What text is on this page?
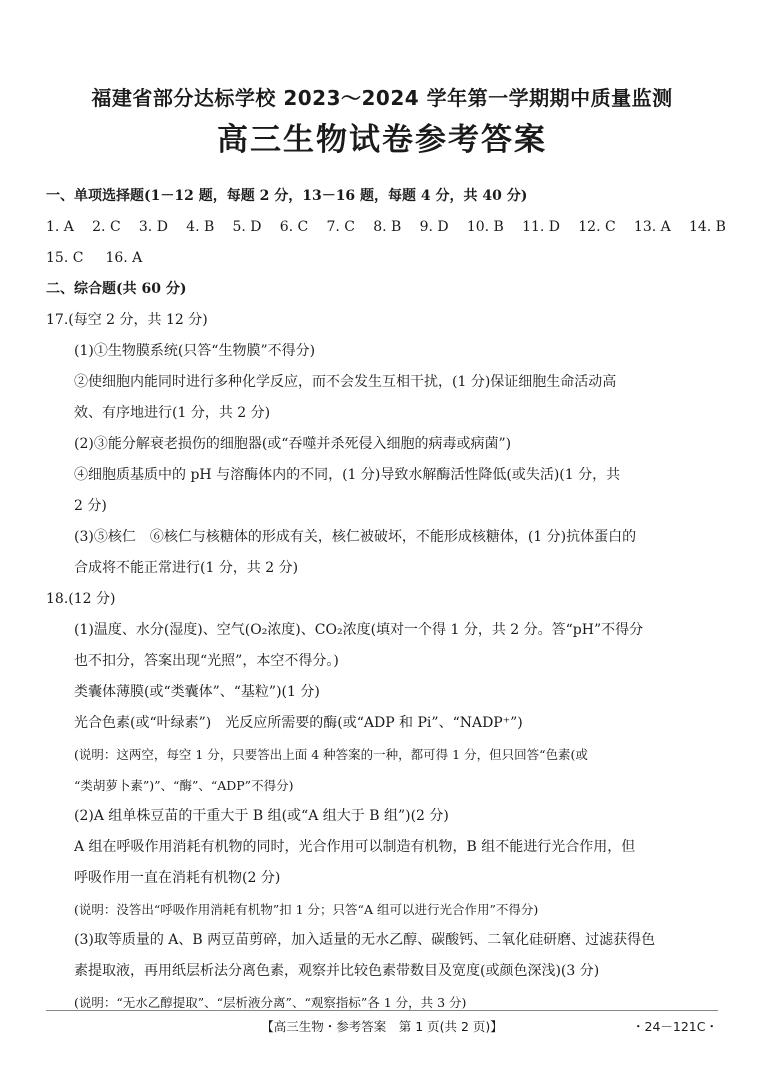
福建省部分达标学校 2023～2024 学年第一学期期中质量监测
高三生物试卷参考答案
一、单项选择题(1－12 题，每题 2 分，13－16 题，每题 4 分，共 40 分)
1. A 2. C 3. D 4. B 5. D 6. C 7. C 8. B 9. D 10. B 11. D 12. C 13. A 14. B
15. C 16. A
二、综合题(共 60 分)
17.(每空 2 分，共 12 分)
(1)①生物膜系统(只答“生物膜”不得分)
②使细胞内能同时进行多种化学反应，而不会发生互相干扰，(1 分)保证细胞生命活动高
效、有序地进行(1 分，共 2 分)
(2)③能分解衰老损伤的细胞器(或“吞噬并杀死侵入细胞的病毒或病菌”)
④细胞质基质中的 pH 与溶酶体内的不同，(1 分)导致水解酶活性降低(或失活)(1 分，共
2 分)
(3)⑤核仁　⑥核仁与核糖体的形成有关，核仁被破坏，不能形成核糖体，(1 分)抗体蛋白的
合成将不能正常进行(1 分，共 2 分)
18.(12 分)
(1)温度、水分(湿度)、空气(O₂浓度)、CO₂浓度(填对一个得 1 分，共 2 分。答“pH”不得分
也不扣分，答案出现“光照”，本空不得分。)
类囊体薄膜(或“类囊体”、“基粒”)(1 分)
光合色素(或“叶绿素”)　光反应所需要的酶(或“ADP 和 Pi”、“NADP⁺”)
(说明：这两空，每空 1 分，只要答出上面 4 种答案的一种，都可得 1 分，但只回答“色素(或
“类胡萝卜素”)”、“酶”、“ADP”不得分)
(2)A 组单株豆苗的干重大于 B 组(或“A 组大于 B 组”)(2 分)
A 组在呼吸作用消耗有机物的同时，光合作用可以制造有机物，B 组不能进行光合作用，但
呼吸作用一直在消耗有机物(2 分)
(说明：没答出“呼吸作用消耗有机物”扣 1 分；只答“A 组可以进行光合作用”不得分)
(3)取等质量的 A、B 两豆苗剪碎，加入适量的无水乙醇、碳酸钙、二氧化硅研磨、过滤获得色
素提取液，再用纸层析法分离色素，观察并比较色素带数目及宽度(或颜色深浅)(3 分)
(说明：“无水乙醇提取”、“层析液分离”、“观察指标”各 1 分，共 3 分)
【高三生物・参考答案　第 1 页(共 2 页)】	・24－121C・
